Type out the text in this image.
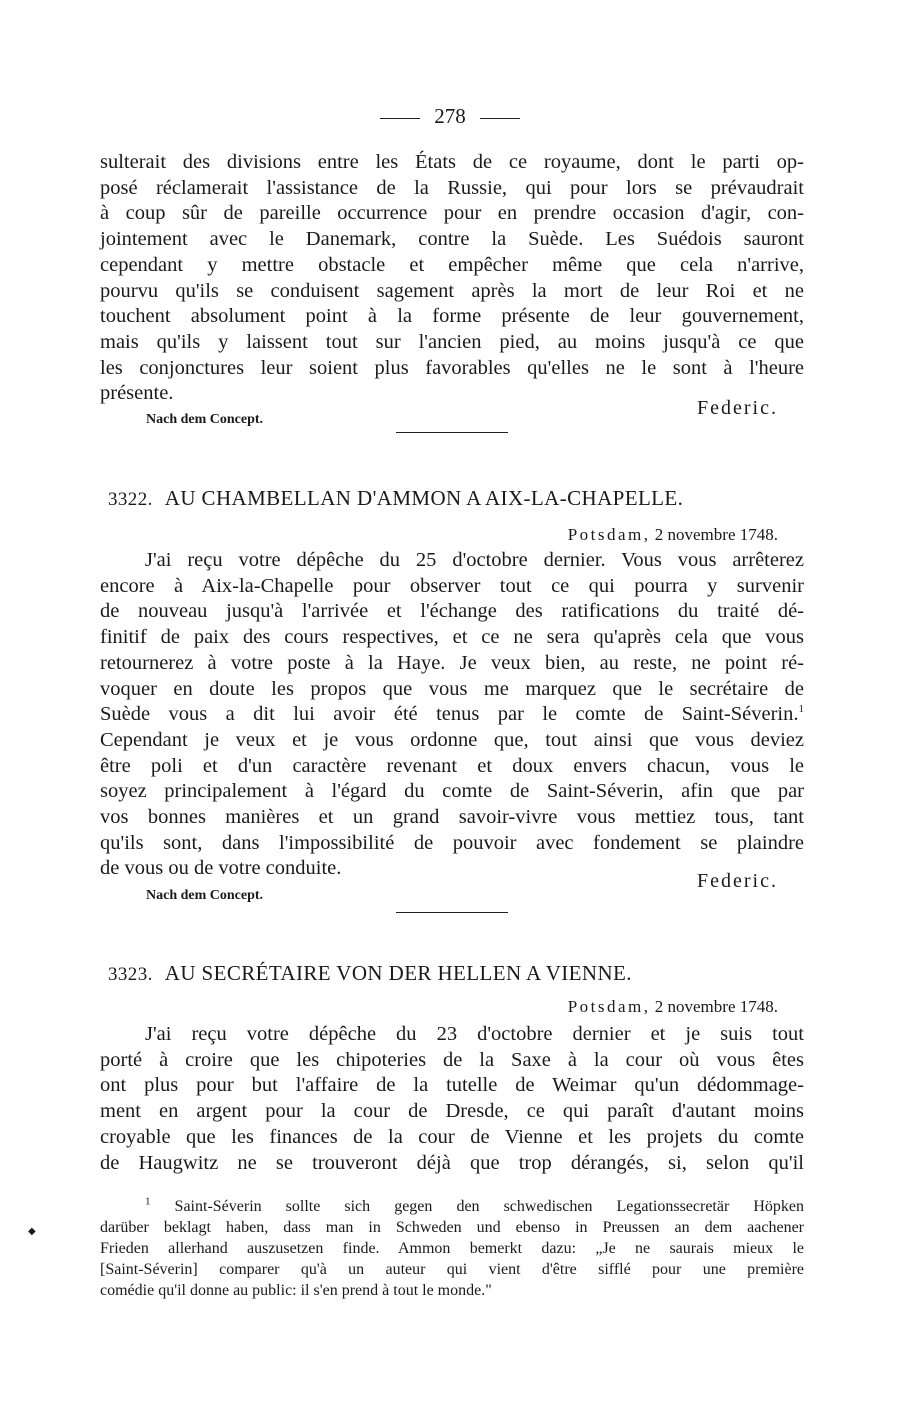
278
sulterait des divisions entre les États de ce royaume, dont le parti op-
posé réclamerait l'assistance de la Russie, qui pour lors se prévaudrait
à coup sûr de pareille occurrence pour en prendre occasion d'agir, con-
jointement avec le Danemark, contre la Suède. Les Suédois sauront
cependant y mettre obstacle et empêcher même que cela n'arrive,
pourvu qu'ils se conduisent sagement après la mort de leur Roi et ne
touchent absolument point à la forme présente de leur gouvernement,
mais qu'ils y laissent tout sur l'ancien pied, au moins jusqu'à ce que
les conjonctures leur soient plus favorables qu'elles ne le sont à l'heure
présente.
Federic.
Nach dem Concept.
3322. AU CHAMBELLAN D'AMMON A AIX-LA-CHAPELLE.
Potsdam, 2 novembre 1748.
J'ai reçu votre dépêche du 25 d'octobre dernier. Vous vous arrêterez
encore à Aix-la-Chapelle pour observer tout ce qui pourra y survenir
de nouveau jusqu'à l'arrivée et l'échange des ratifications du traité dé-
finitif de paix des cours respectives, et ce ne sera qu'après cela que vous
retournerez à votre poste à la Haye. Je veux bien, au reste, ne point ré-
voquer en doute les propos que vous me marquez que le secrétaire de
Suède vous a dit lui avoir été tenus par le comte de Saint-Séverin.$^1$
Cependant je veux et je vous ordonne que, tout ainsi que vous deviez
être poli et d'un caractère revenant et doux envers chacun, vous le
soyez principalement à l'égard du comte de Saint-Séverin, afin que par
vos bonnes manières et un grand savoir-vivre vous mettiez tous, tant
qu'ils sont, dans l'impossibilité de pouvoir avec fondement se plaindre
de vous ou de votre conduite.
Federic.
Nach dem Concept.
3323. AU SECRÉTAIRE VON DER HELLEN A VIENNE.
Potsdam, 2 novembre 1748.
J'ai reçu votre dépêche du 23 d'octobre dernier et je suis tout
porté à croire que les chipoteries de la Saxe à la cour où vous êtes
ont plus pour but l'affaire de la tutelle de Weimar qu'un dédommage-
ment en argent pour la cour de Dresde, ce qui paraît d'autant moins
croyable que les finances de la cour de Vienne et les projets du comte
de Haugwitz ne se trouveront déjà que trop dérangés, si, selon qu'il
◆
$^1$ Saint-Séverin sollte sich gegen den schwedischen Legationssecretär Höpken
darüber beklagt haben, dass man in Schweden und ebenso in Preussen an dem aachener
Frieden allerhand auszusetzen finde. Ammon bemerkt dazu: „Je ne saurais mieux le
[Saint-Séverin] comparer qu'à un auteur qui vient d'être sifflé pour une première
comédie qu'il donne au public: il s'en prend à tout le monde."
